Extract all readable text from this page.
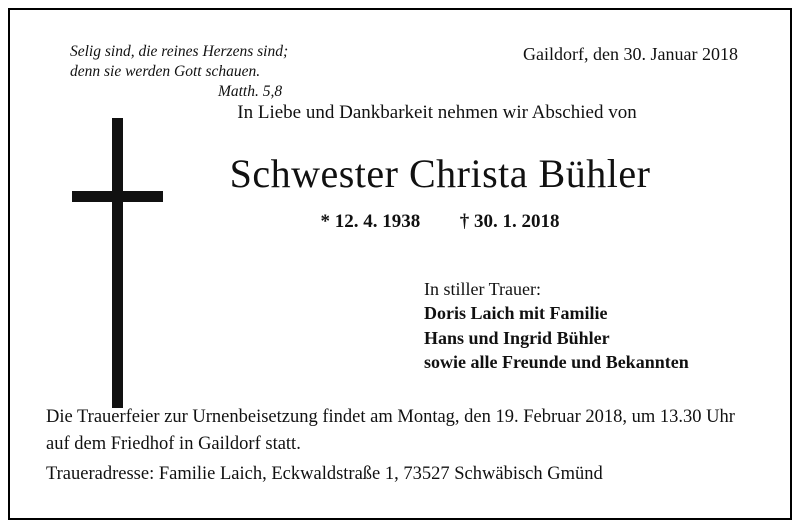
Selig sind, die reines Herzens sind;
denn sie werden Gott schauen.
Matth. 5,8
Gaildorf, den 30. Januar 2018
In Liebe und Dankbarkeit nehmen wir Abschied von
Schwester Christa Bühler
* 12. 4. 1938 † 30. 1. 2018
In stiller Trauer:
Doris Laich mit Familie
Hans und Ingrid Bühler
sowie alle Freunde und Bekannten
Die Trauerfeier zur Urnenbeisetzung findet am Montag, den 19. Februar 2018, um 13.30 Uhr auf dem Friedhof in Gaildorf statt.
Traueradresse: Familie Laich, Eckwaldstraße 1, 73527 Schwäbisch Gmünd
